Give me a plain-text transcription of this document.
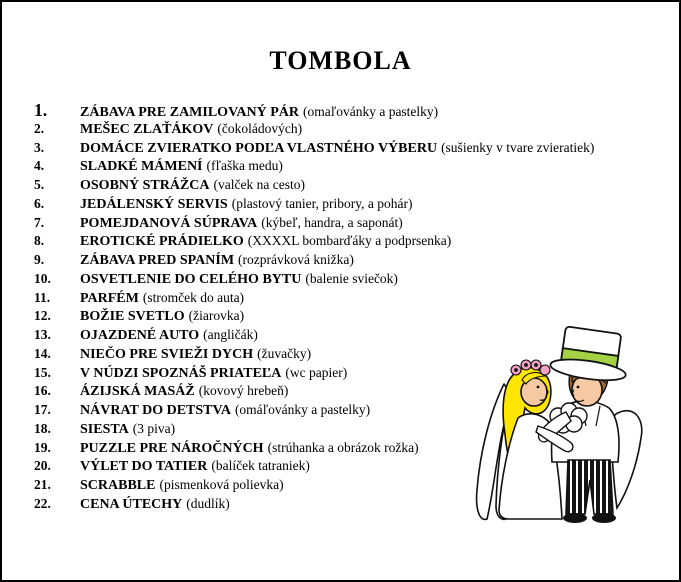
TOMBOLA
1.	ZÁBAVA PRE ZAMILOVANÝ PÁR
(omaľovánky a pastelky)
2.	MEŠEC ZLAŤÁKOV
(čokoládových)
3.	DOMÁCE ZVIERATKO PODĽA VLASTNÉHO VÝBERU
(sušienky v tvare zvieratiek)
4.	SLADKÉ MÁMENÍ
(fľaška medu)
5.	OSOBNÝ STRÁŽCA
(valček na cesto)
6.	JEDÁLENSKÝ SERVIS
(plastový tanier, pribory, a pohár)
7.	POMEJDANOVÁ SÚPRAVA
(kýbeľ, handra, a saponát)
8.	EROTICKÉ PRÁDIELKO
(XXXXL bombarďáky a podprsenka)
9.	ZÁBAVA PRED SPANÍM
(rozprávková knižka)
10.	OSVETLENIE DO CELÉHO BYTU
(balenie sviečok)
11.	PARFÉM
(stromček do auta)
12.	BOŽIE SVETLO
(žiarovka)
13.	OJAZDENÉ AUTO
(angličák)
14.	NIEČO PRE SVIEŽI DYCH
(žuvačky)
15.	V NÚDZI SPOZNÁŠ PRIATEĽA
(wc papier)
16.	ÁZIJSKÁ MASÁŽ
(kovový hrebeň)
17.	NÁVRAT DO DETSTVA
(omáľovánky a pastelky)
18.	SIESTA
(3 piva)
19.	PUZZLE PRE NÁROČNÝCH
(strúhanka a obrázok rožka)
20.	VÝLET DO TATIER
(balíček tatraniek)
21.	SCRABBLE
(pismenková polievka)
22.	CENA ÚTECHY
(dudlík)
